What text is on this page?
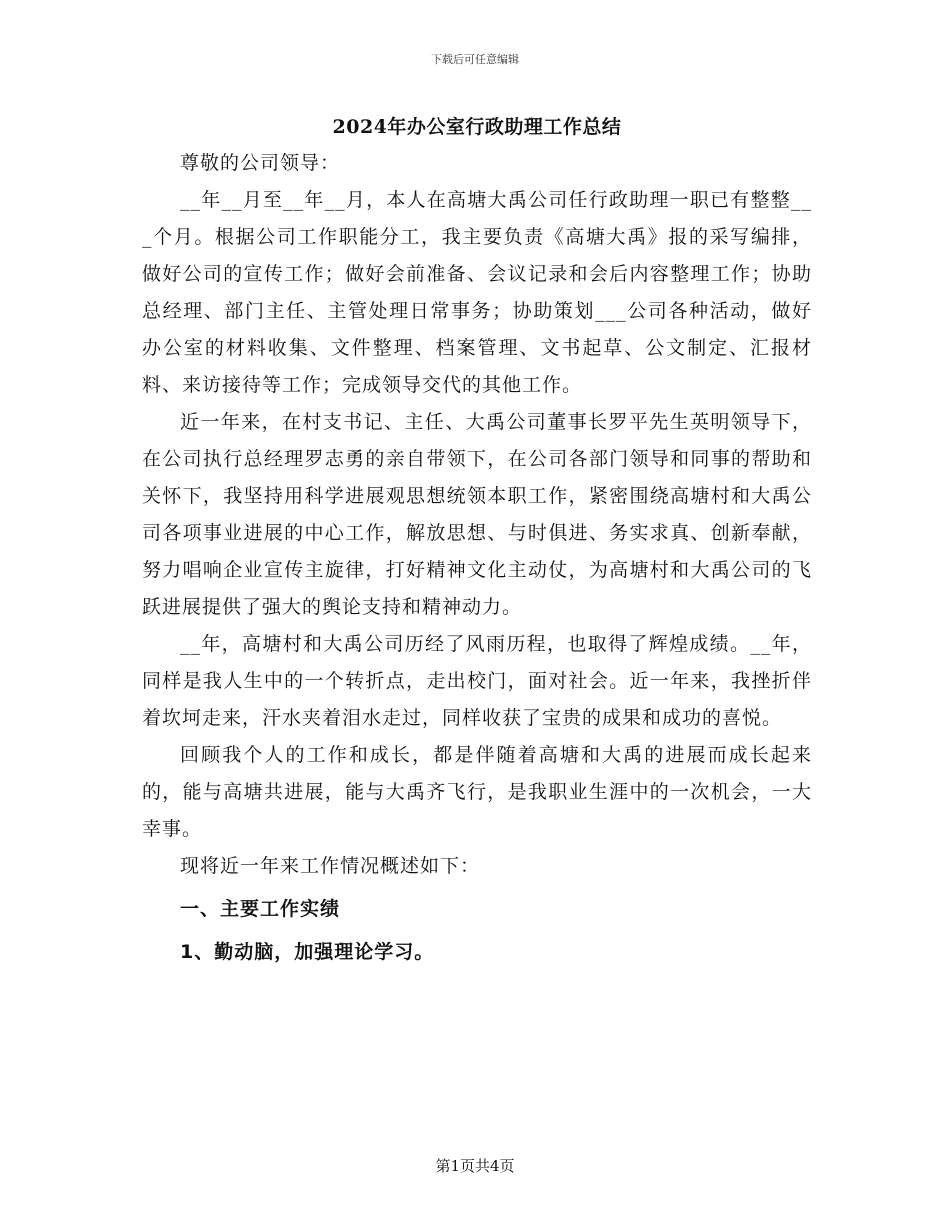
下载后可任意编辑
2024年办公室行政助理工作总结

尊敬的公司领导：

__年__月至__年__月，本人在高塘大禹公司任行政助理一职已有整整___个月。根据公司工作职能分工，我主要负责《高塘大禹》报的采写编排，做好公司的宣传工作；做好会前准备、会议记录和会后内容整理工作；协助总经理、部门主任、主管处理日常事务；协助策划___公司各种活动，做好办公室的材料收集、文件整理、档案管理、文书起草、公文制定、汇报材料、来访接待等工作；完成领导交代的其他工作。

近一年来，在村支书记、主任、大禹公司董事长罗平先生英明领导下，在公司执行总经理罗志勇的亲自带领下，在公司各部门领导和同事的帮助和关怀下，我坚持用科学进展观思想统领本职工作，紧密围绕高塘村和大禹公司各项事业进展的中心工作，解放思想、与时俱进、务实求真、创新奉献，努力唱响企业宣传主旋律，打好精神文化主动仗，为高塘村和大禹公司的飞跃进展提供了强大的舆论支持和精神动力。

__年，高塘村和大禹公司历经了风雨历程，也取得了辉煌成绩。__年，同样是我人生中的一个转折点，走出校门，面对社会。近一年来，我挫折伴着坎坷走来，汗水夹着泪水走过，同样收获了宝贵的成果和成功的喜悦。

回顾我个人的工作和成长，都是伴随着高塘和大禹的进展而成长起来的，能与高塘共进展，能与大禹齐飞行，是我职业生涯中的一次机会，一大幸事。

现将近一年来工作情况概述如下：

一、主要工作实绩
1、勤动脑，加强理论学习。
第1页共4页
